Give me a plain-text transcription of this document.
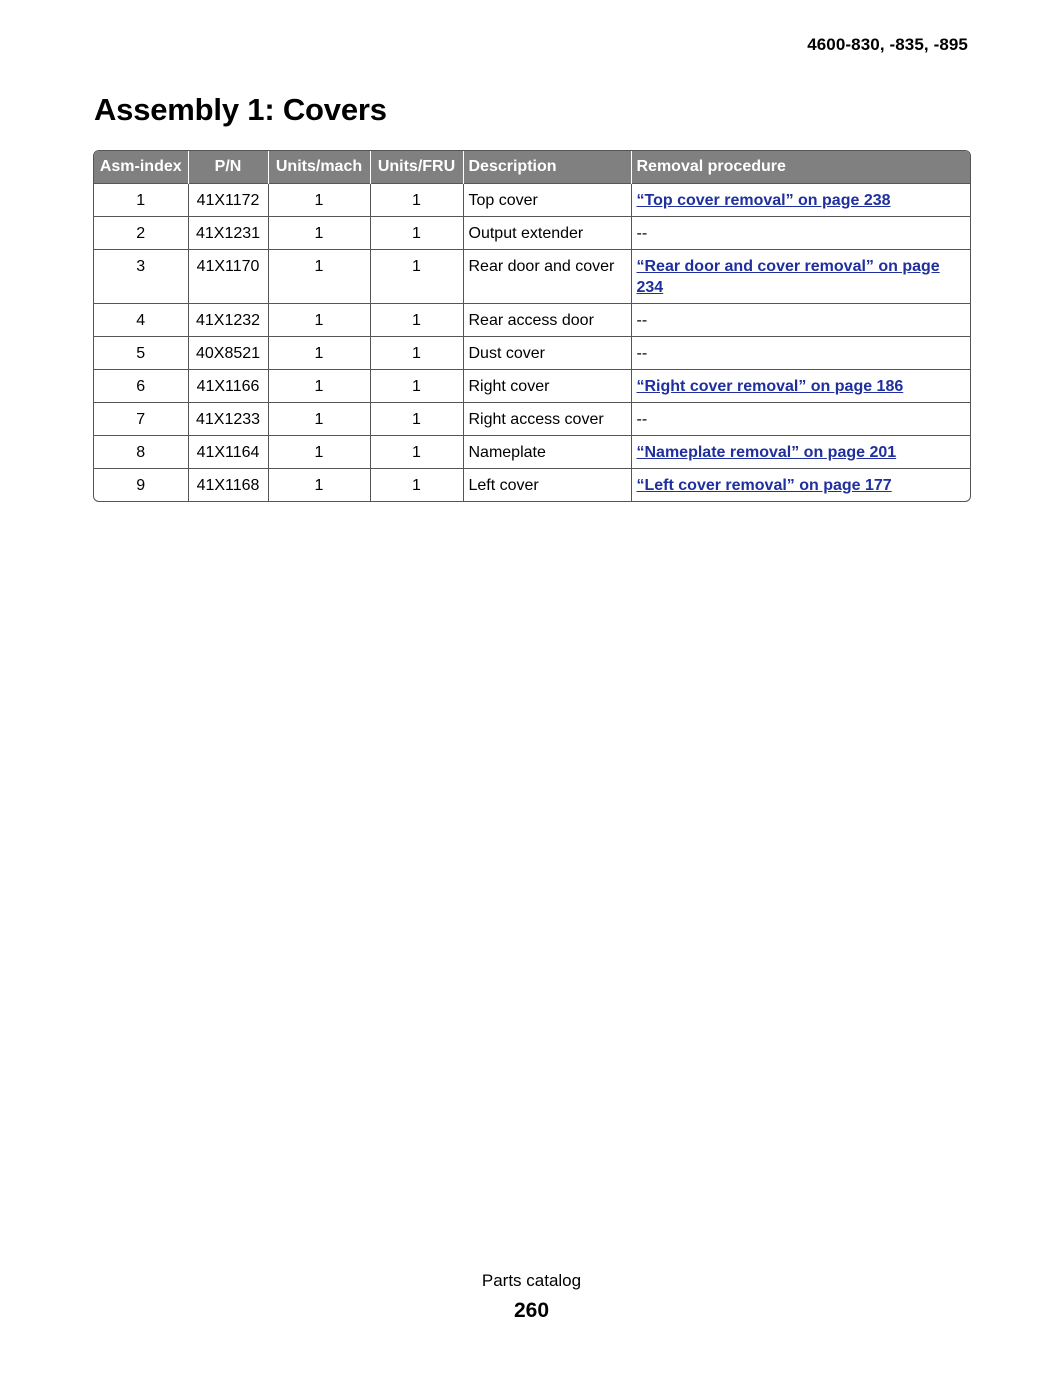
4600-830, -835, -895
Assembly 1: Covers
Asm-index	P/N	Units/mach	Units/FRU	Description	Removal procedure
1	41X1172	1	1	Top cover	“Top cover removal” on page 238
2	41X1231	1	1	Output extender	--
3	41X1170	1	1	Rear door and cover	“Rear door and cover removal” on page 234
4	41X1232	1	1	Rear access door	--
5	40X8521	1	1	Dust cover	--
6	41X1166	1	1	Right cover	“Right cover removal” on page 186
7	41X1233	1	1	Right access cover	--
8	41X1164	1	1	Nameplate	“Nameplate removal” on page 201
9	41X1168	1	1	Left cover	“Left cover removal” on page 177
Parts catalog
260
